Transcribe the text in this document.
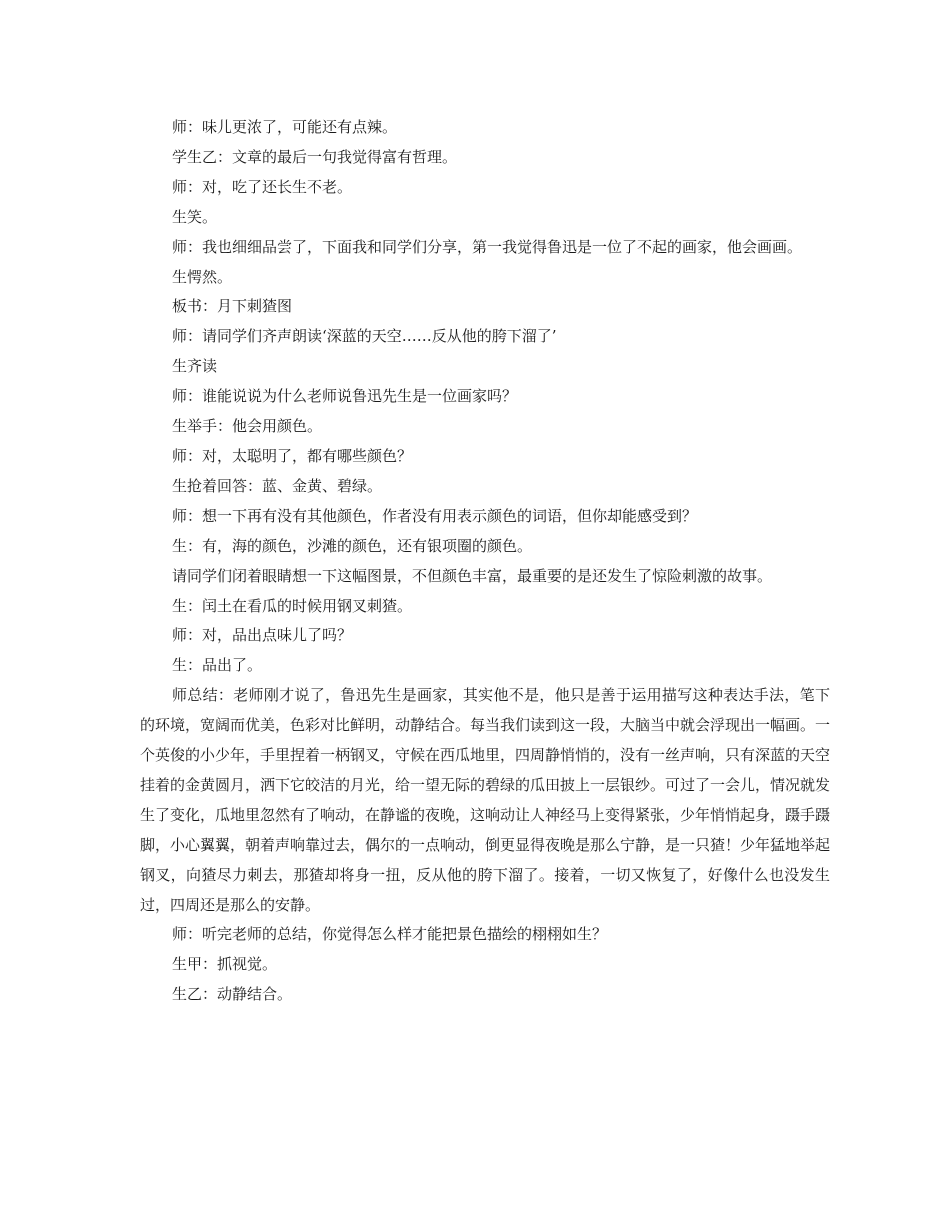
师：味儿更浓了，可能还有点辣。

学生乙：文章的最后一句我觉得富有哲理。

师：对，吃了还长生不老。

生笑。

师：我也细细品尝了，下面我和同学们分享，第一我觉得鲁迅是一位了不起的画家，他会画画。

生愕然。

板书：月下刺猹图

师：请同学们齐声朗读‘深蓝的天空……反从他的胯下溜了’

生齐读

师：谁能说说为什么老师说鲁迅先生是一位画家吗？

生举手：他会用颜色。

师：对，太聪明了，都有哪些颜色？

生抢着回答：蓝、金黄、碧绿。

师：想一下再有没有其他颜色，作者没有用表示颜色的词语，但你却能感受到？

生：有，海的颜色，沙滩的颜色，还有银项圈的颜色。

请同学们闭着眼睛想一下这幅图景，不但颜色丰富，最重要的是还发生了惊险刺激的故事。

生：闰土在看瓜的时候用钢叉刺猹。

师：对，品出点味儿了吗？

生：品出了。

师总结：老师刚才说了，鲁迅先生是画家，其实他不是，他只是善于运用描写这种表达手法，笔下的环境，宽阔而优美，色彩对比鲜明，动静结合。每当我们读到这一段，大脑当中就会浮现出一幅画。一个英俊的小少年，手里捏着一柄钢叉，守候在西瓜地里，四周静悄悄的，没有一丝声响，只有深蓝的天空挂着的金黄圆月，洒下它皎洁的月光，给一望无际的碧绿的瓜田披上一层银纱。可过了一会儿，情况就发生了变化，瓜地里忽然有了响动，在静谧的夜晚，这响动让人神经马上变得紧张，少年悄悄起身，蹑手蹑脚，小心翼翼，朝着声响靠过去，偶尔的一点响动，倒更显得夜晚是那么宁静，是一只猹！少年猛地举起钢叉，向猹尽力刺去，那猹却将身一扭，反从他的胯下溜了。接着，一切又恢复了，好像什么也没发生过，四周还是那么的安静。

师：听完老师的总结，你觉得怎么样才能把景色描绘的栩栩如生？

生甲：抓视觉。

生乙：动静结合。
